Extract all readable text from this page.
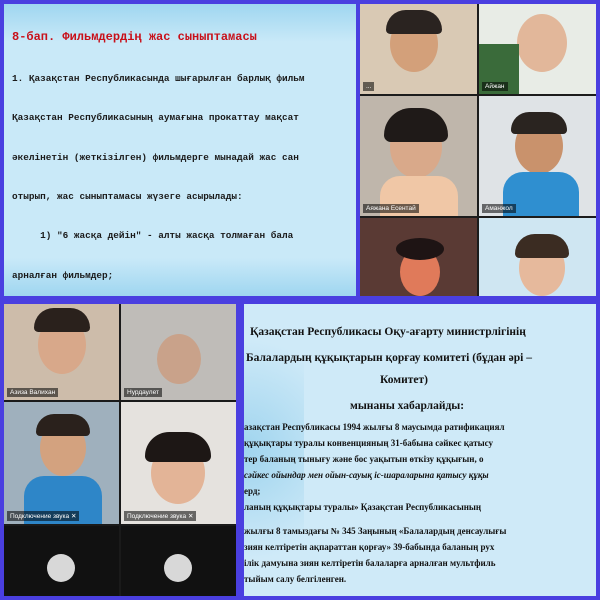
8-бап. Фильмдердің жас сыныптамасы

1. Қазақстан Республикасында шығарылған барлық фильм

Қазақстан Республикасының аумағына прокаттау мақсат

әкелінетін (жеткізілген) фильмдерге мынадай жас сан

отырып, жас сыныптамасы жүзеге асырылады:

1) "6 жасқа дейін" - алты жасқа толмаған бала

арналған фильмдер;

...	Айжан
Аяжана Есентай	Аманжол
Азиза Валиxан	Нурдаулет
Подключение звука ✕	Подключение звука ✕
Қазақстан Республикасы Оқу-ағарту министрлігінің
Балалардың құқықтарын қорғау комитеті (бұдан әрі –
Комитет)
мынаны хабарлайды:
азақстан Республикасы 1994 жылғы 8 маусымда ратификациял
құқықтары туралы конвенцияның 31-бабына сәйкес қатысу
тер баланың тынығу және бос уақытын өткізу құқығын, о
сәйкес ойындар мен ойын-сауық іс-шараларына қатысу құқы
ерд;
ланың құқықтары туралы» Қазақстан Республикасының
жылғы 8 тамыздағы № 345 Заңының «Балалардың денсаулығы
зиян келтіретін ақпараттан қорғау» 39-бабында баланың рух
ілік дамуына зиян келтіретін балаларға арналған мультфиль
тыйым салу белгіленген.
